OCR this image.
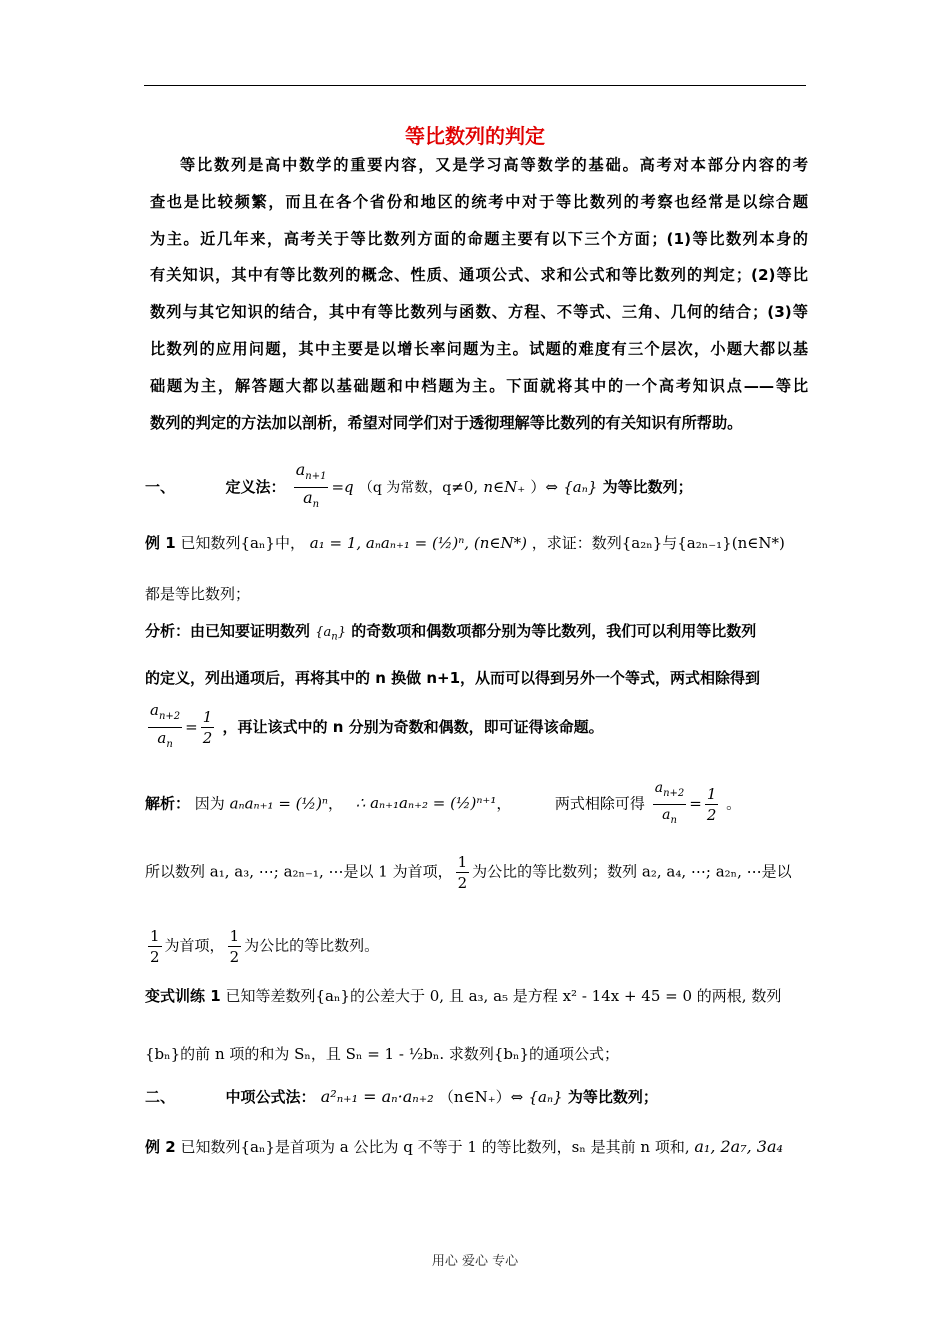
等比数列的判定
等比数列是高中数学的重要内容，又是学习高等数学的基础。高考对本部分内容的考
查也是比较频繁，而且在各个省份和地区的统考中对于等比数列的考察也经常是以综合题
为主。近几年来，高考关于等比数列方面的命题主要有以下三个方面；(1)等比数列本身的
有关知识，其中有等比数列的概念、性质、通项公式、求和公式和等比数列的判定；(2)等比
数列与其它知识的结合，其中有等比数列与函数、方程、不等式、三角、几何的结合；(3)等
比数列的应用问题，其中主要是以增长率问题为主。试题的难度有三个层次，小题大都以基
础题为主，解答题大都以基础题和中档题为主。下面就将其中的一个高考知识点——等比
数列的判定的方法加以剖析，希望对同学们对于透彻理解等比数列的有关知识有所帮助。
一、	定义法： $\frac{a_{n+1}}{a_n} =q$ （q 为常数，q≠0, n∈N₊ ）⇔ {aₙ} 为等比数列；
例 1 已知数列{aₙ}中， a₁ = 1, aₙaₙ₊₁ = (½)ⁿ, (n∈N*) ，求证：数列{a₂ₙ}与{a₂ₙ₋₁}(n∈N*)
都是等比数列；
分析：由已知要证明数列 $\{a_n\}$ 的奇数项和偶数项都分别为等比数列，我们可以利用等比数列
的定义，列出通项后，再将其中的 n 换做 n+1，从而可以得到另外一个等式，两式相除得到
$\frac{a_{n+2}}{a_n} = \frac{1}{2}$ ，再让该式中的 n 分别为奇数和偶数，即可证得该命题。
解析： 因为 aₙaₙ₊₁ = (½)ⁿ， ∴ aₙ₊₁aₙ₊₂ = (½)ⁿ⁺¹，	两式相除可得 $\frac{a_{n+2}}{a_n} = \frac{1}{2}$ 。
所以数列 a₁, a₃, ⋯; a₂ₙ₋₁, ⋯是以 1 为首项， $\frac{1}{2}$ 为公比的等比数列；数列 a₂, a₄, ⋯; a₂ₙ, ⋯是以
$\frac{1}{2}$ 为首项， $\frac{1}{2}$ 为公比的等比数列。
变式训练 1 已知等差数列{aₙ}的公差大于 0, 且 a₃, a₅ 是方程 x² - 14x + 45 = 0 的两根, 数列
{bₙ}的前 n 项的和为 Sₙ，且 Sₙ = 1 - ½bₙ. 求数列{bₙ}的通项公式；
二、	中项公式法： a²ₙ₊₁ = aₙ·aₙ₊₂ （n∈N₊）⇔ {aₙ} 为等比数列；
例 2 已知数列{aₙ}是首项为 a 公比为 q 不等于 1 的等比数列，sₙ 是其前 n 项和, a₁, 2a₇, 3a₄
用心 爱心 专心
